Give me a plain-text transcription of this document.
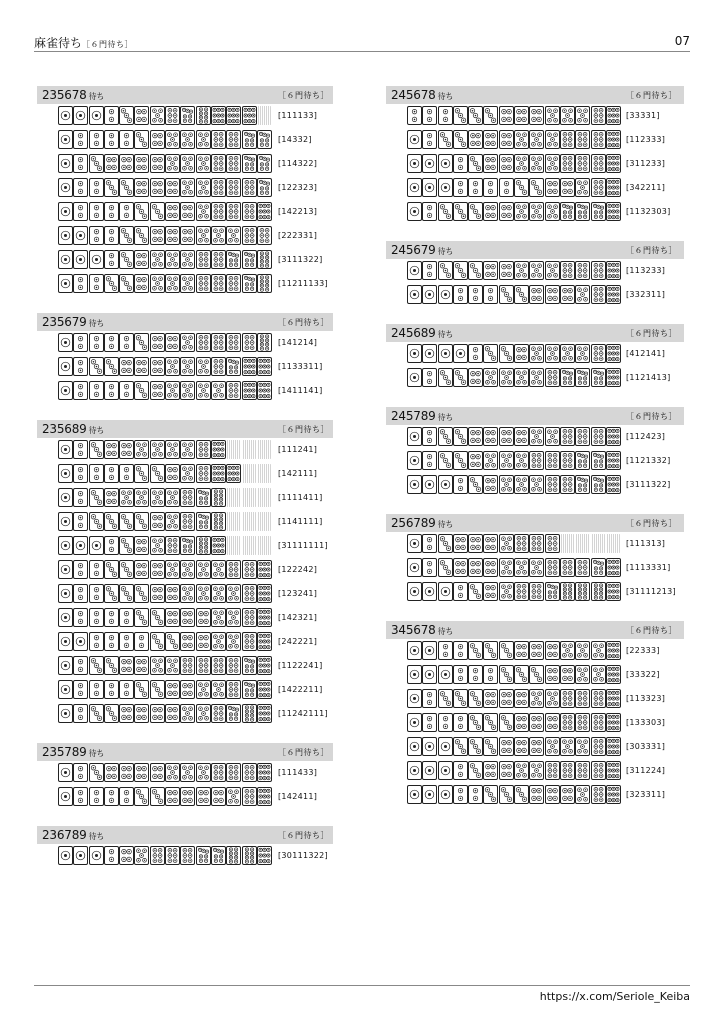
麻雀待ち［６門待ち］	07
235678 待ち	［６門待ち］
[111133]
[14332]
[114322]
[122323]
[142213]
[222331]
[3111322]
[11211133]
235679 待ち	［６門待ち］
[141214]
[1133311]
[1411141]
235689 待ち	［６門待ち］
[111241]
[142111]
[1111411]
[1141111]
[31111111]
[122242]
[123241]
[142321]
[242221]
[1122241]
[1422211]
[11242111]
235789 待ち	［６門待ち］
[111433]
[142411]
236789 待ち	［６門待ち］
[30111322]
245678 待ち	［６門待ち］
[33331]
[112333]
[311233]
[342211]
[1132303]
245679 待ち	［６門待ち］
[113233]
[332311]
245689 待ち	［６門待ち］
[412141]
[1121413]
245789 待ち	［６門待ち］
[112423]
[1121332]
[3111322]
256789 待ち	［６門待ち］
[111313]
[1113331]
[31111213]
345678 待ち	［６門待ち］
[22333]
[33322]
[113323]
[133303]
[303331]
[311224]
[323311]
https://x.com/Seriole_Keiba
